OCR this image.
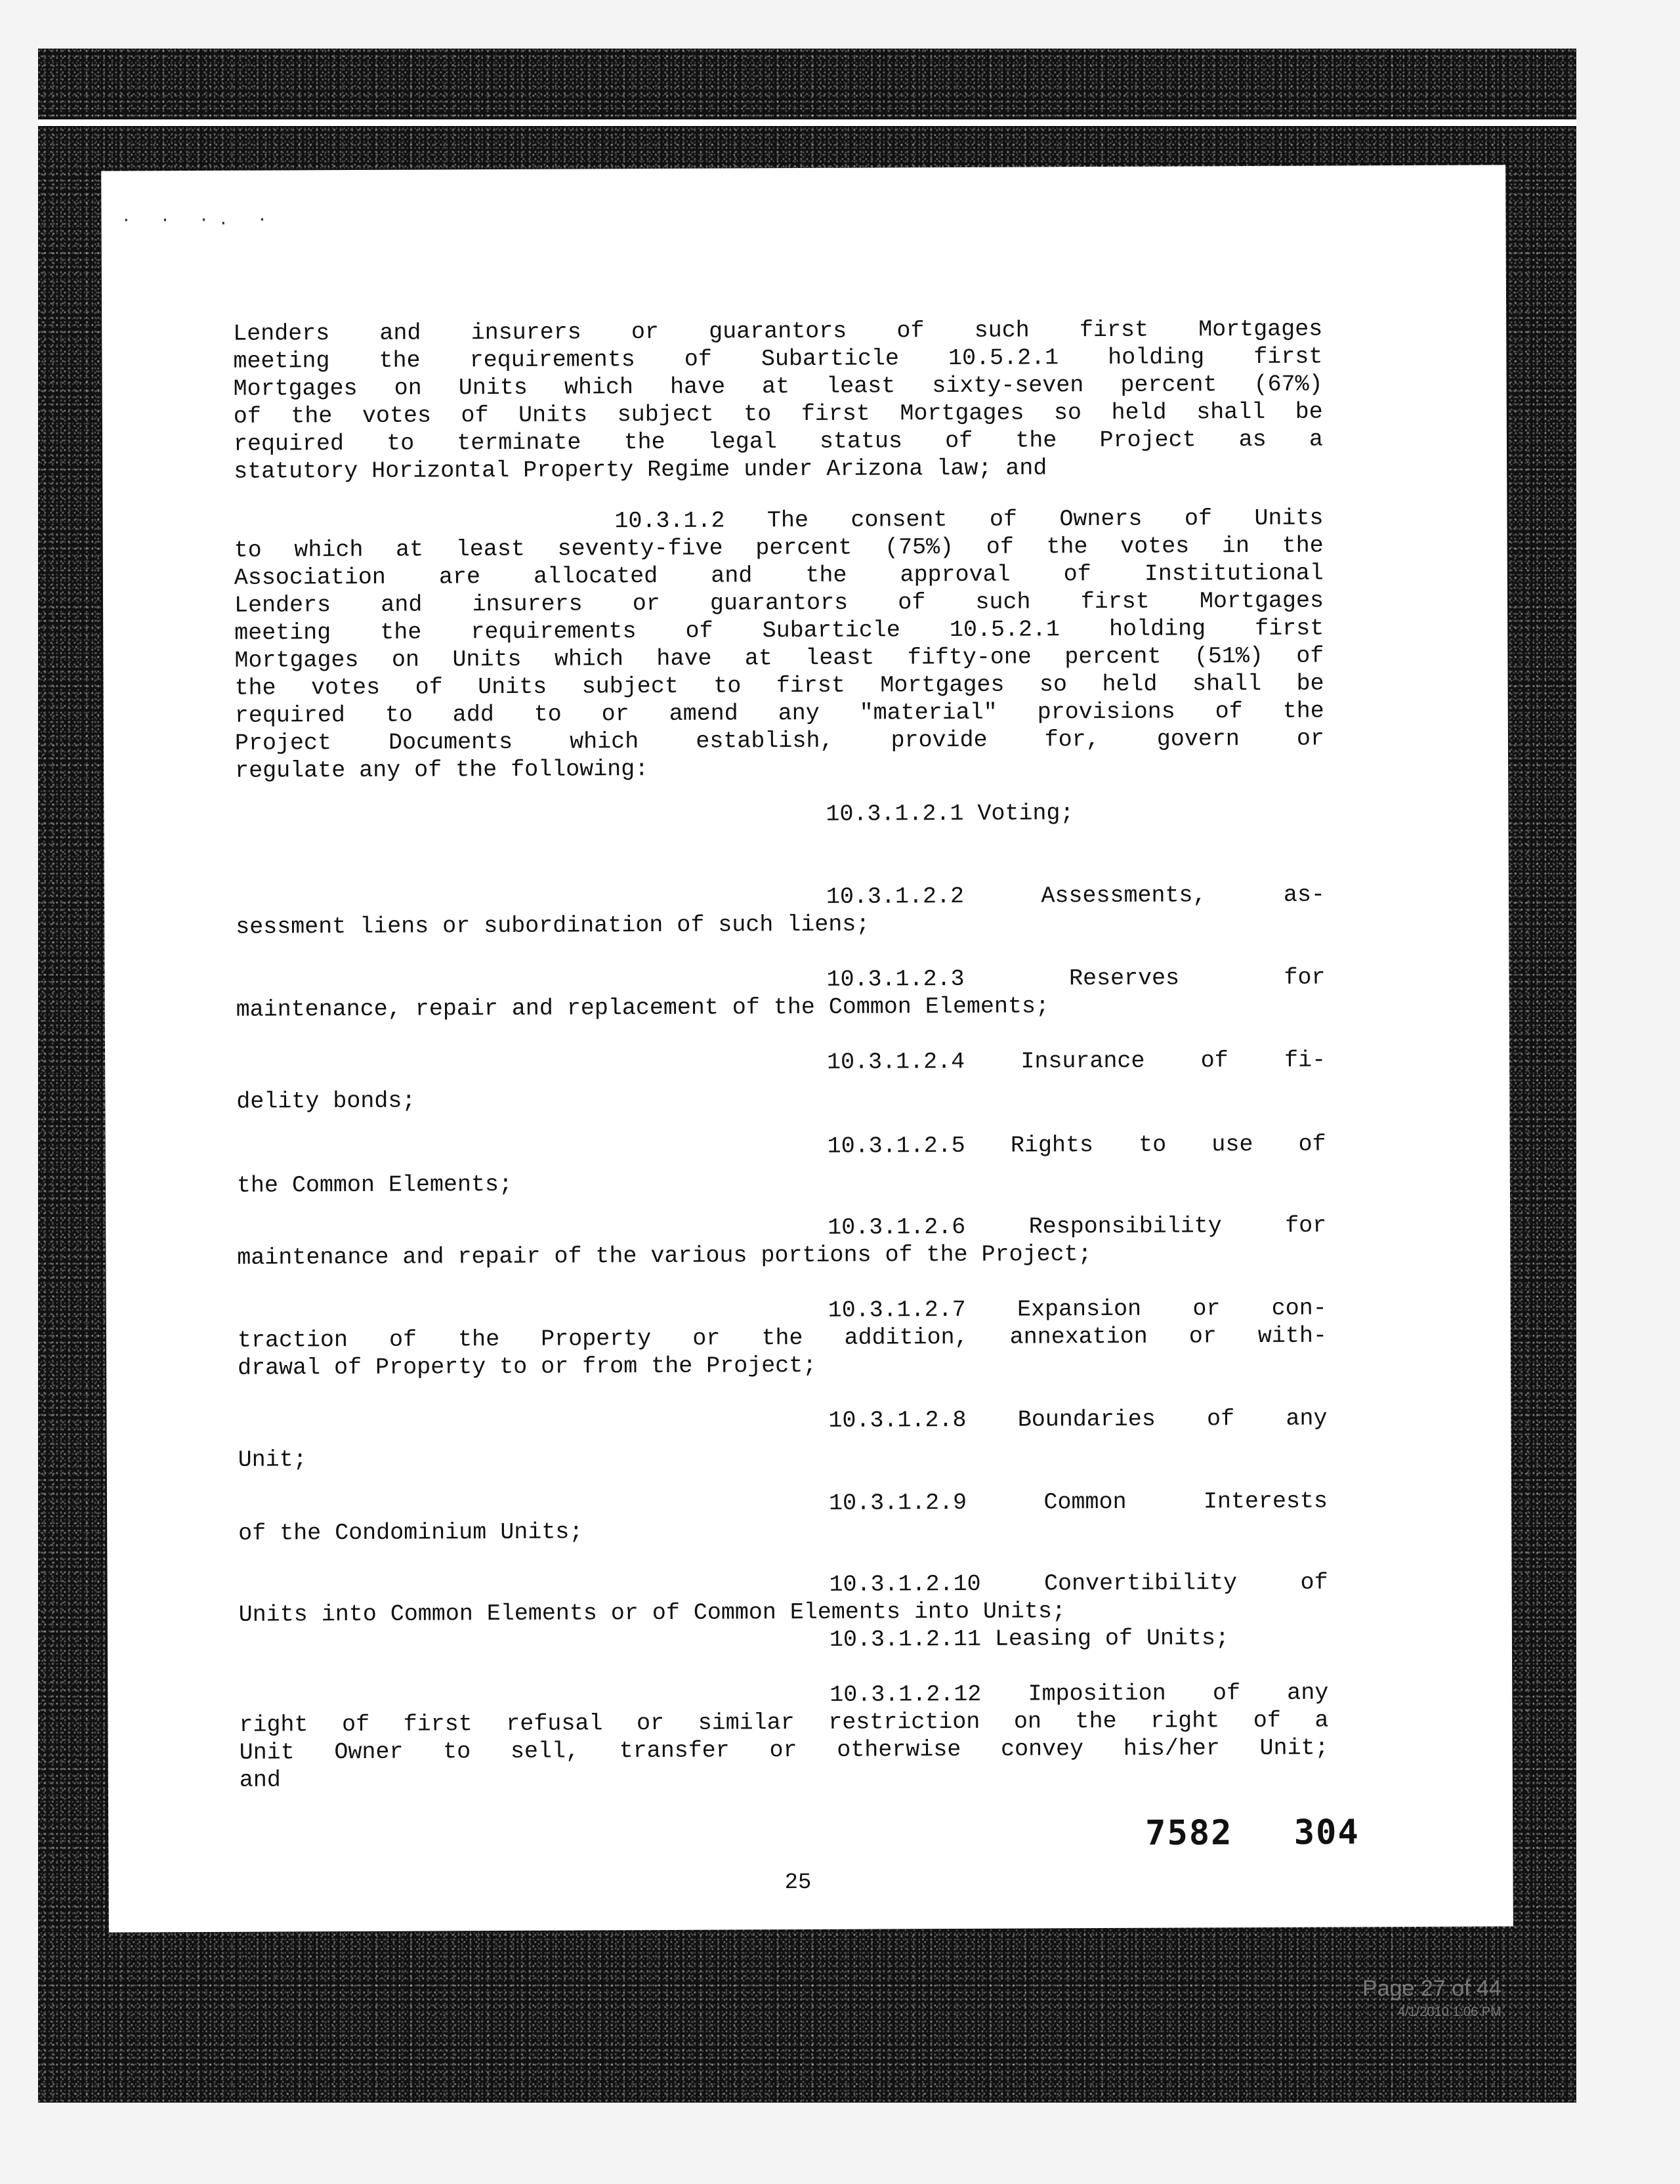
· · ·. ·
Lenders and insurers or guarantors of such first Mortgages
meeting the requirements of Subarticle 10.5.2.1 holding first
Mortgages on Units which have at least sixty-seven percent (67%)
of the votes of Units subject to first Mortgages so held shall be
required to terminate the legal status of the Project as a
statutory Horizontal Property Regime under Arizona law; and
10.3.1.2 The consent of Owners of Units
to which at least seventy-five percent (75%) of the votes in the
Association are allocated and the approval of Institutional
Lenders and insurers or guarantors of such first Mortgages
meeting the requirements of Subarticle 10.5.2.1 holding first
Mortgages on Units which have at least fifty-one percent (51%) of
the votes of Units subject to first Mortgages so held shall be
required to add to or amend any "material" provisions of the
Project Documents which establish, provide for, govern or
regulate any of the following:
10.3.1.2.1 Voting;
10.3.1.2.2 Assessments, as-
sessment liens or subordination of such liens;
10.3.1.2.3 Reserves for
maintenance, repair and replacement of the Common Elements;
10.3.1.2.4 Insurance of fi-
delity bonds;
10.3.1.2.5 Rights to use of
the Common Elements;
10.3.1.2.6 Responsibility for
maintenance and repair of the various portions of the Project;
10.3.1.2.7 Expansion or con-
traction of the Property or the addition, annexation or with-
drawal of Property to or from the Project;
10.3.1.2.8 Boundaries of any
Unit;
10.3.1.2.9 Common Interests
of the Condominium Units;
10.3.1.2.10 Convertibility of
Units into Common Elements or of Common Elements into Units;
10.3.1.2.11 Leasing of Units;
10.3.1.2.12 Imposition of any
right of first refusal or similar restriction on the right of a
Unit Owner to sell, transfer or otherwise convey his/her Unit;
and
7582 304
25
Page 27 of 44
4/1/2010 1:06 PM
